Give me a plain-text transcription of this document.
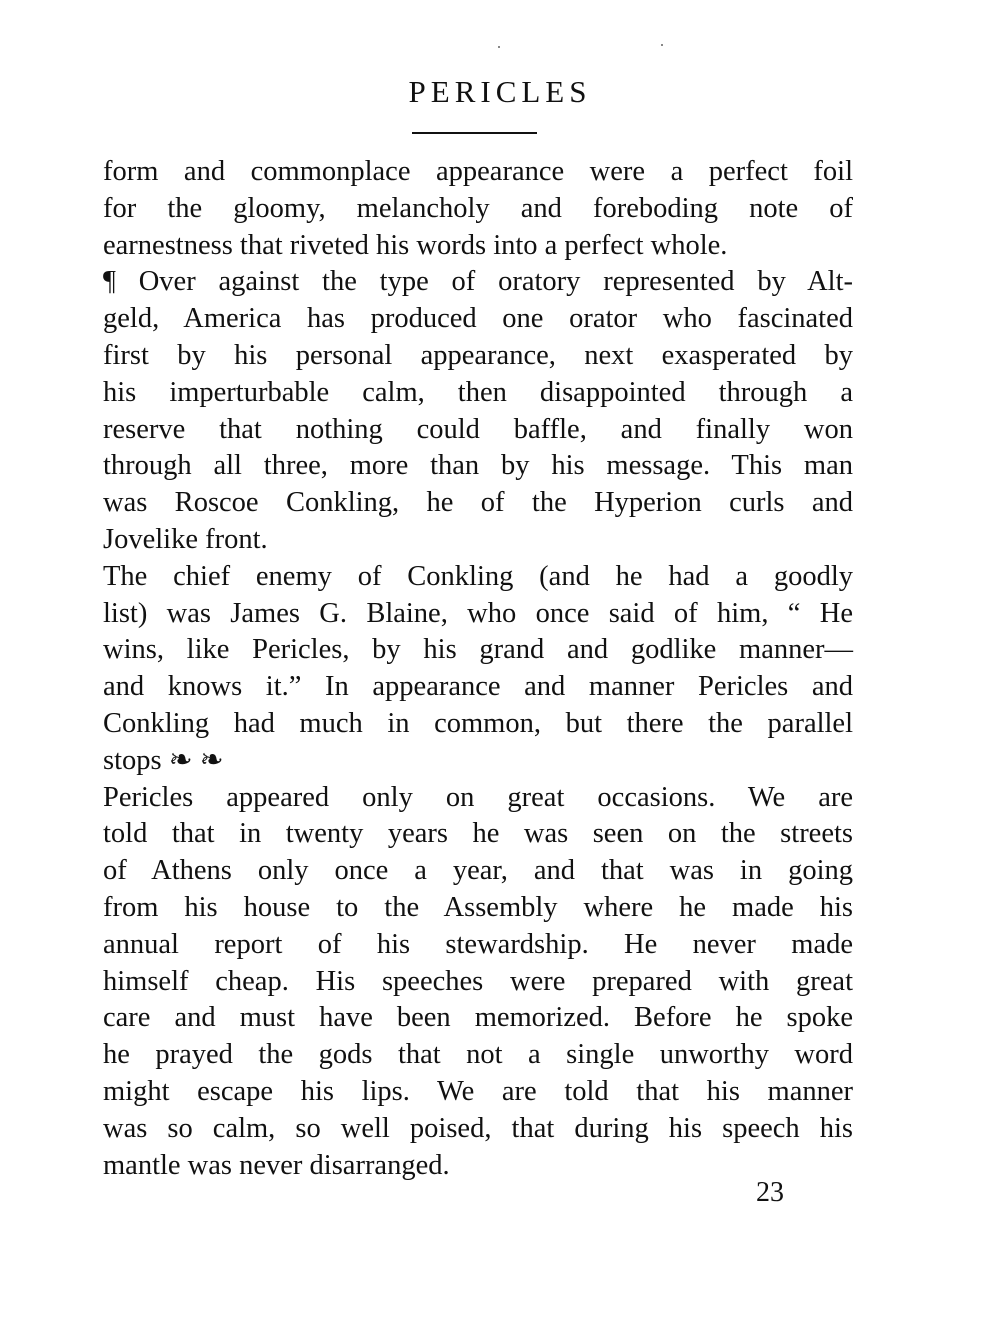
PERICLES
form and commonplace appearance were a perfect foil
for the gloomy, melancholy and foreboding note of
earnestness that riveted his words into a perfect whole.
¶ Over against the type of oratory represented by Alt-
geld, America has produced one orator who fascinated
first by his personal appearance, next exasperated by
his imperturbable calm, then disappointed through a
reserve that nothing could baffle, and finally won
through all three, more than by his message. This man
was Roscoe Conkling, he of the Hyperion curls and
Jovelike front.
The chief enemy of Conkling (and he had a goodly
list) was James G. Blaine, who once said of him, “ He
wins, like Pericles, by his grand and godlike manner—
and knows it.” In appearance and manner Pericles and
Conkling had much in common, but there the parallel
stops ❧ ❧
Pericles appeared only on great occasions. We are
told that in twenty years he was seen on the streets
of Athens only once a year, and that was in going
from his house to the Assembly where he made his
annual report of his stewardship. He never made
himself cheap. His speeches were prepared with great
care and must have been memorized. Before he spoke
he prayed the gods that not a single unworthy word
might escape his lips. We are told that his manner
was so calm, so well poised, that during his speech his
mantle was never disarranged.
23
